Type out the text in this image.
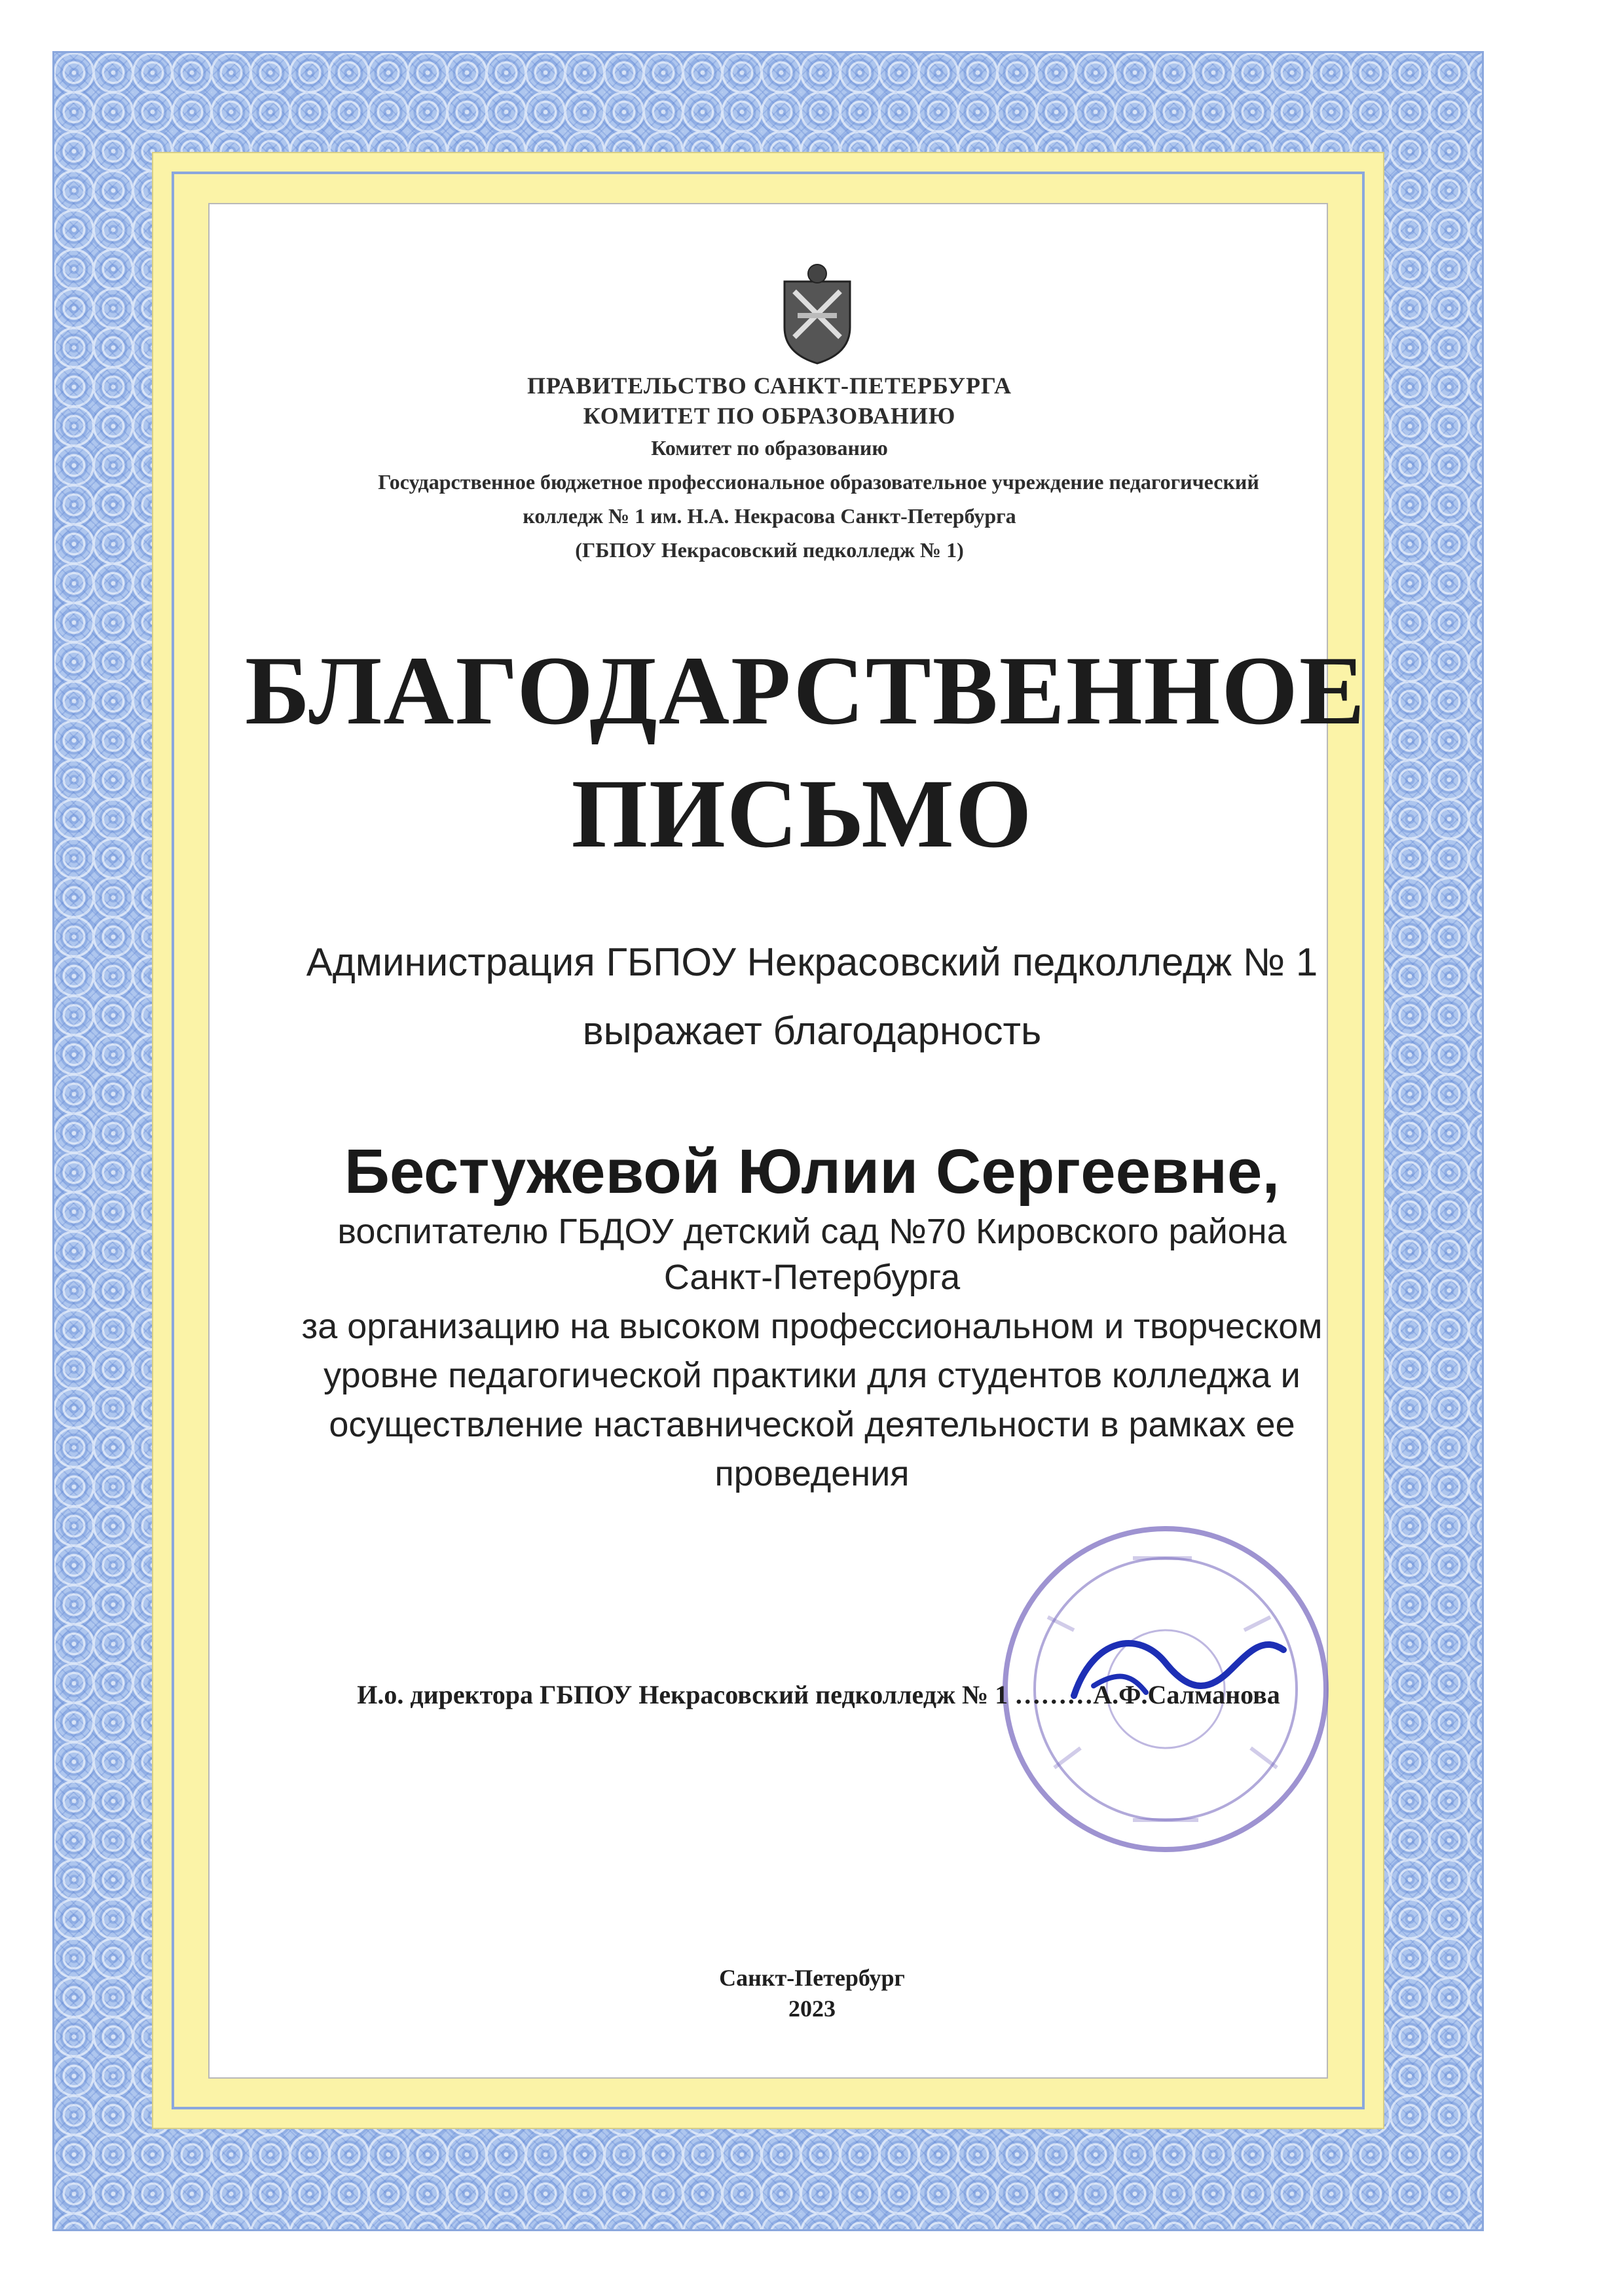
ПРАВИТЕЛЬСТВО САНКТ-ПЕТЕРБУРГА
КОМИТЕТ ПО ОБРАЗОВАНИЮ
Комитет по образованию
Государственное бюджетное профессиональное образовательное учреждение педагогический
колледж № 1 им. Н.А. Некрасова Санкт-Петербурга
(ГБПОУ Некрасовский педколледж № 1)
БЛАГОДАРСТВЕННОЕ
ПИСЬМО
Администрация ГБПОУ Некрасовский педколледж № 1
выражает благодарность
Бестужевой Юлии Сергеевне,
воспитателю ГБДОУ детский сад №70 Кировского района
Санкт-Петербурга
за организацию на высоком профессиональном и творческом
уровне педагогической практики для студентов колледжа и
осуществление наставнической деятельности в рамках ее
проведения
И.о. директора ГБПОУ Некрасовский педколледж № 1 ………А.Ф.Салманова
Санкт-Петербург
2023
